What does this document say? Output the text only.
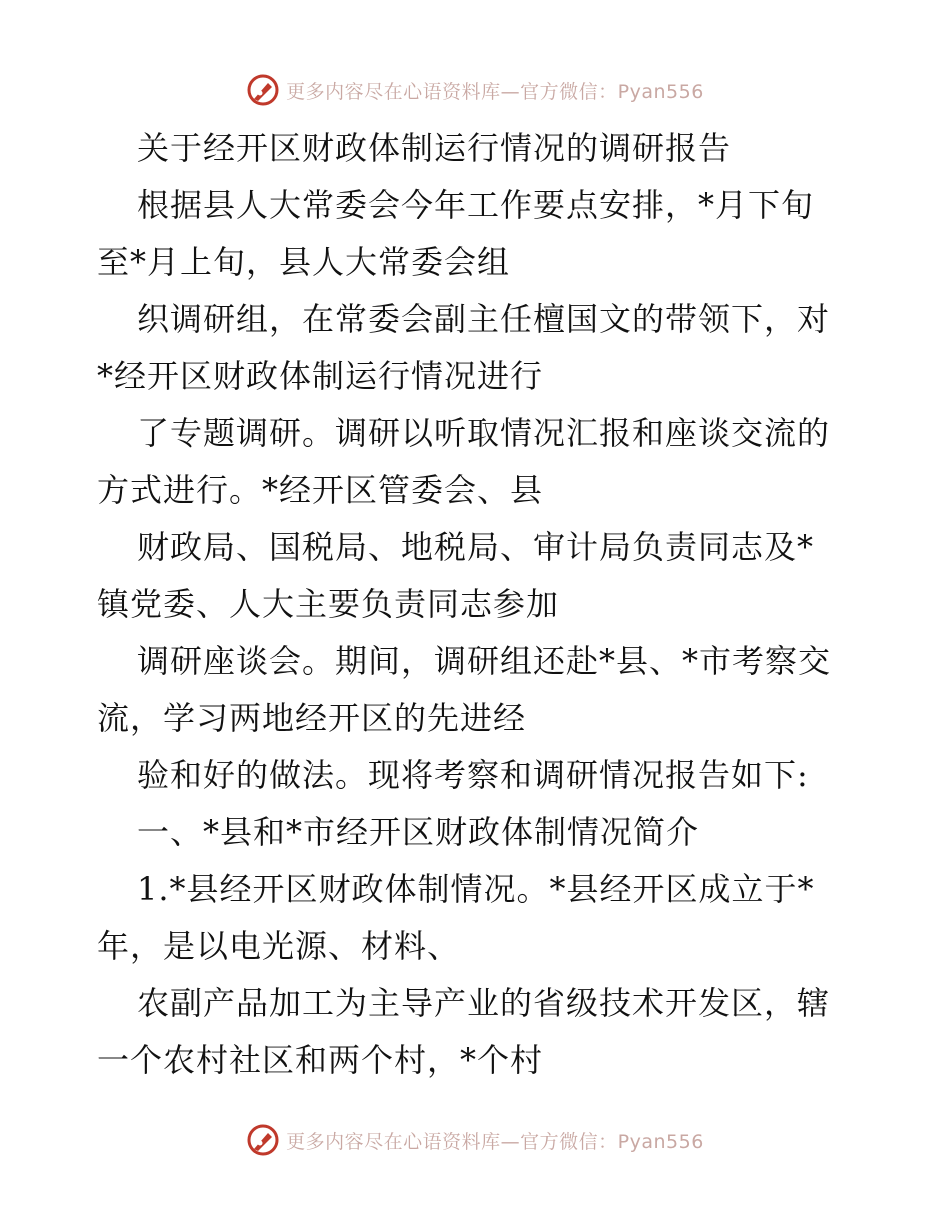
更多内容尽在心语资料库—官方微信：Pyan556
关于经开区财政体制运行情况的调研报告
根据县人大常委会今年工作要点安排，*月下旬
至*月上旬，县人大常委会组
织调研组，在常委会副主任檀国文的带领下，对
*经开区财政体制运行情况进行
了专题调研。调研以听取情况汇报和座谈交流的
方式进行。*经开区管委会、县
财政局、国税局、地税局、审计局负责同志及*
镇党委、人大主要负责同志参加
调研座谈会。期间，调研组还赴*县、*市考察交
流，学习两地经开区的先进经
验和好的做法。现将考察和调研情况报告如下:
一、*县和*市经开区财政体制情况简介
1.*县经开区财政体制情况。*县经开区成立于*
年，是以电光源、材料、
农副产品加工为主导产业的省级技术开发区，辖
一个农村社区和两个村，*个村
更多内容尽在心语资料库—官方微信：Pyan556
